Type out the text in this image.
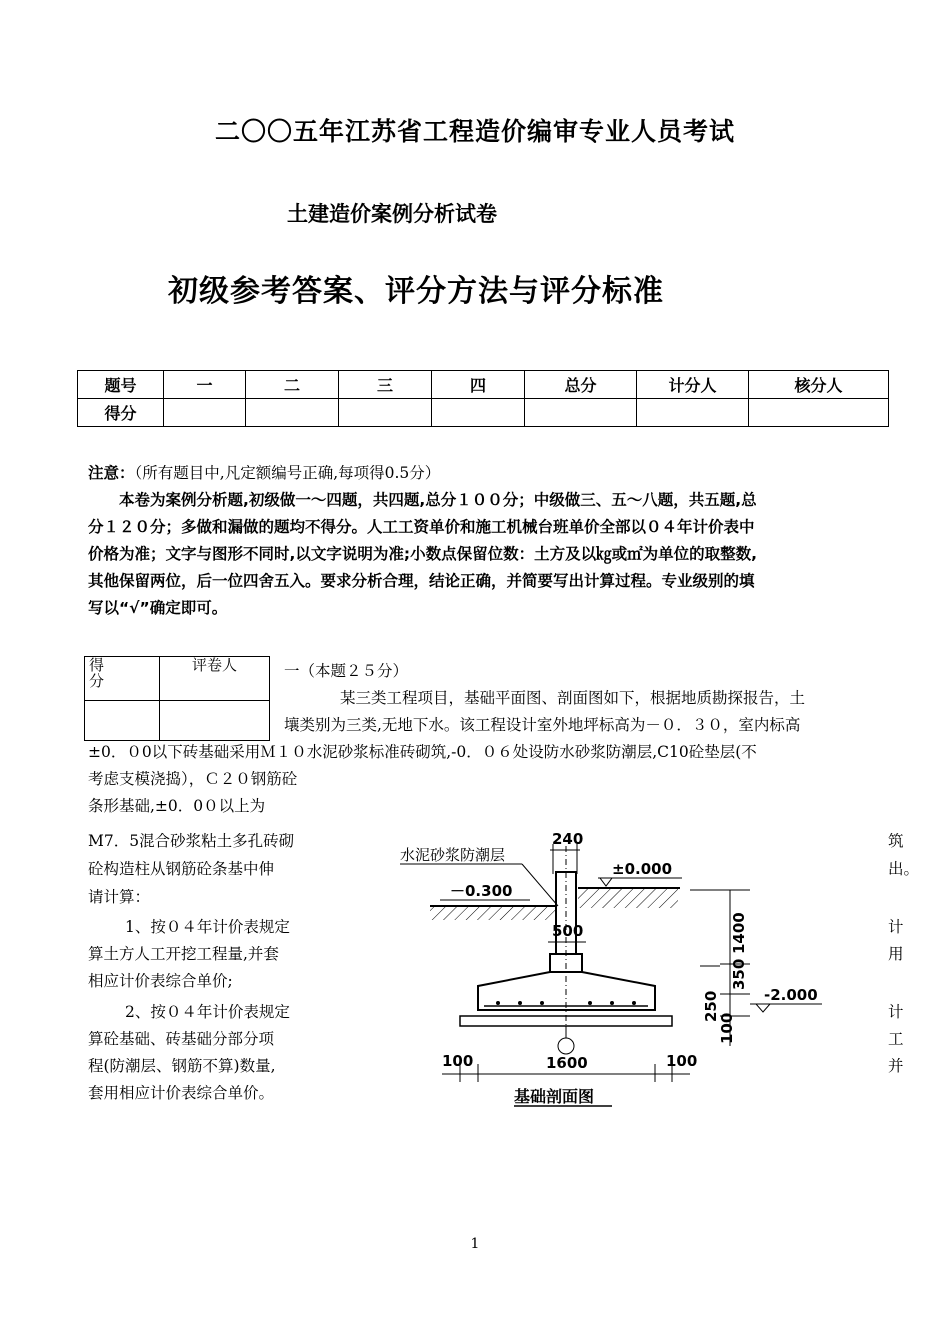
二〇〇五年江苏省工程造价编审专业人员考试
土建造价案例分析试卷
初级参考答案、评分方法与评分标准
题号	一	二	三	四	总分	计分人	核分人
得分							
注意：（所有题目中,凡定额编号正确,每项得0.5分）
本卷为案例分析题,初级做一～四题，共四题,总分１００分；中级做三、五～八题，共五题,总
分１２０分；多做和漏做的题均不得分。人工工资单价和施工机械台班单价全部以０４年计价表中
价格为准；文字与图形不同时,以文字说明为准;小数点保留位数：土方及以㎏或㎡为单位的取整数,
其他保留两位，后一位四舍五入。要求分析合理，结论正确，并简要写出计算过程。专业级别的填
写以“√”确定即可。
得分	评卷人
		一（本题２５分）
某三类工程项目，基础平面图、剖面图如下，根据地质勘探报告，土
壤类别为三类,无地下水。该工程设计室外地坪标高为－０．３０，室内标高
±0．０0以下砖基础采用Ｍ１０水泥砂浆标准砖砌筑,-0．０６处设防水砂浆防潮层,C10砼垫层(不
考虑支模浇捣），Ｃ２０钢筋砼
条形基础,±0．0０以上为
M7．5混合砂浆粘土多孔砖砌	筑
砼构造柱从钢筋砼条基中伸	出。
请计算：
1、按０４年计价表规定	计
算土方人工开挖工程量,并套	用
相应计价表综合单价;
2、按０４年计价表规定	计
算砼基础、砖基础分部分项	工
程(防潮层、钢筋不算)数量,	并
套用相应计价表综合单价。
水泥砂浆防潮层
240
±0.000
－0.300
500	1400
350
250
100
-2.000
100	1600	100
基础剖面图
1
